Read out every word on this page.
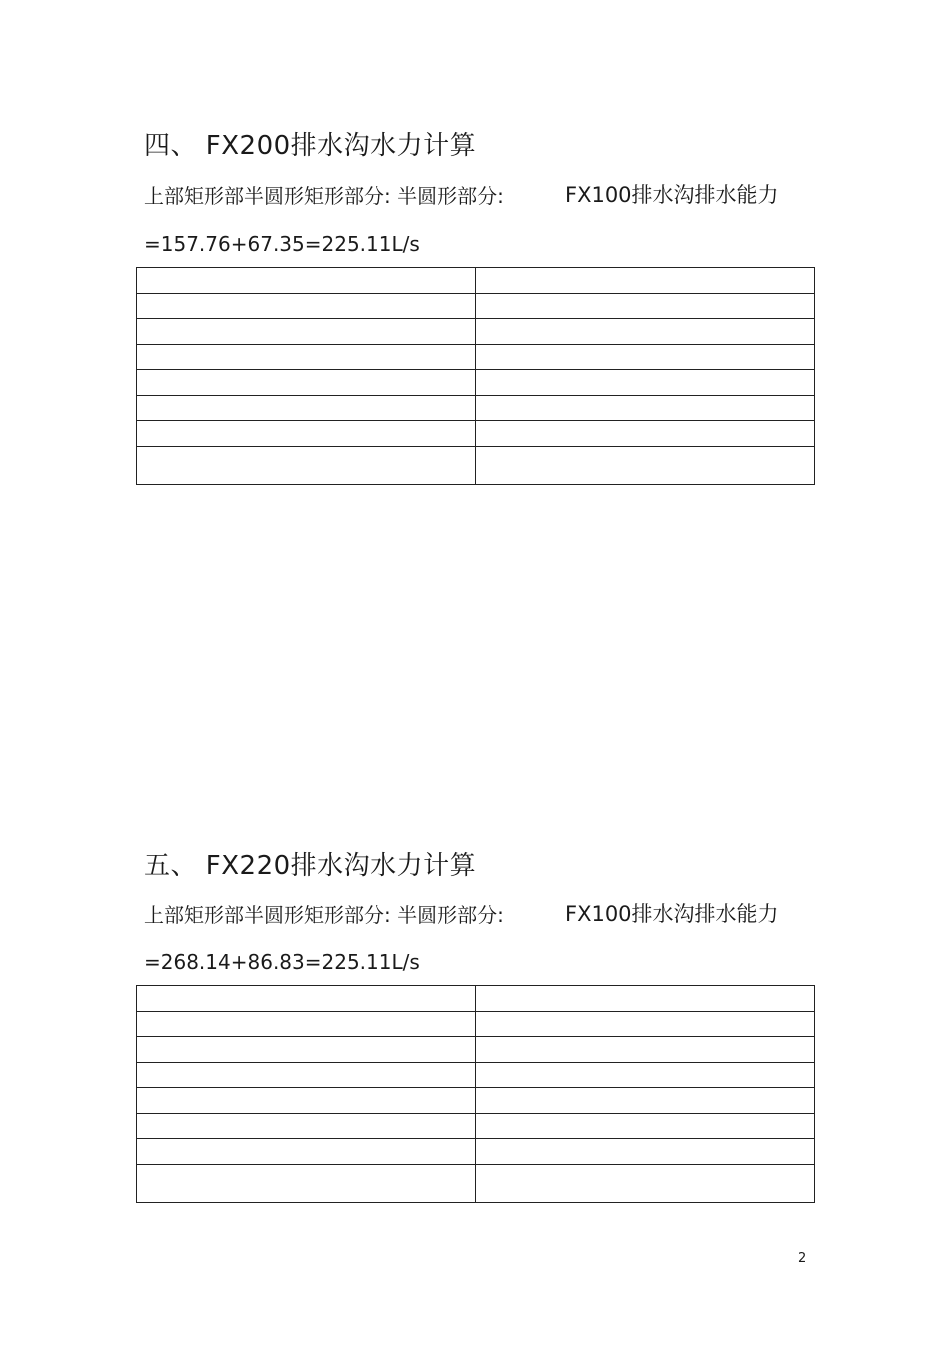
四、 FX200排水沟水力计算
上部矩形部半圆形矩形部分: 半圆形部分:	FX100排水沟排水能力
=157.76+67.35=225.11L/s

五、 FX220排水沟水力计算
上部矩形部半圆形矩形部分: 半圆形部分:	FX100排水沟排水能力
=268.14+86.83=225.11L/s

2
